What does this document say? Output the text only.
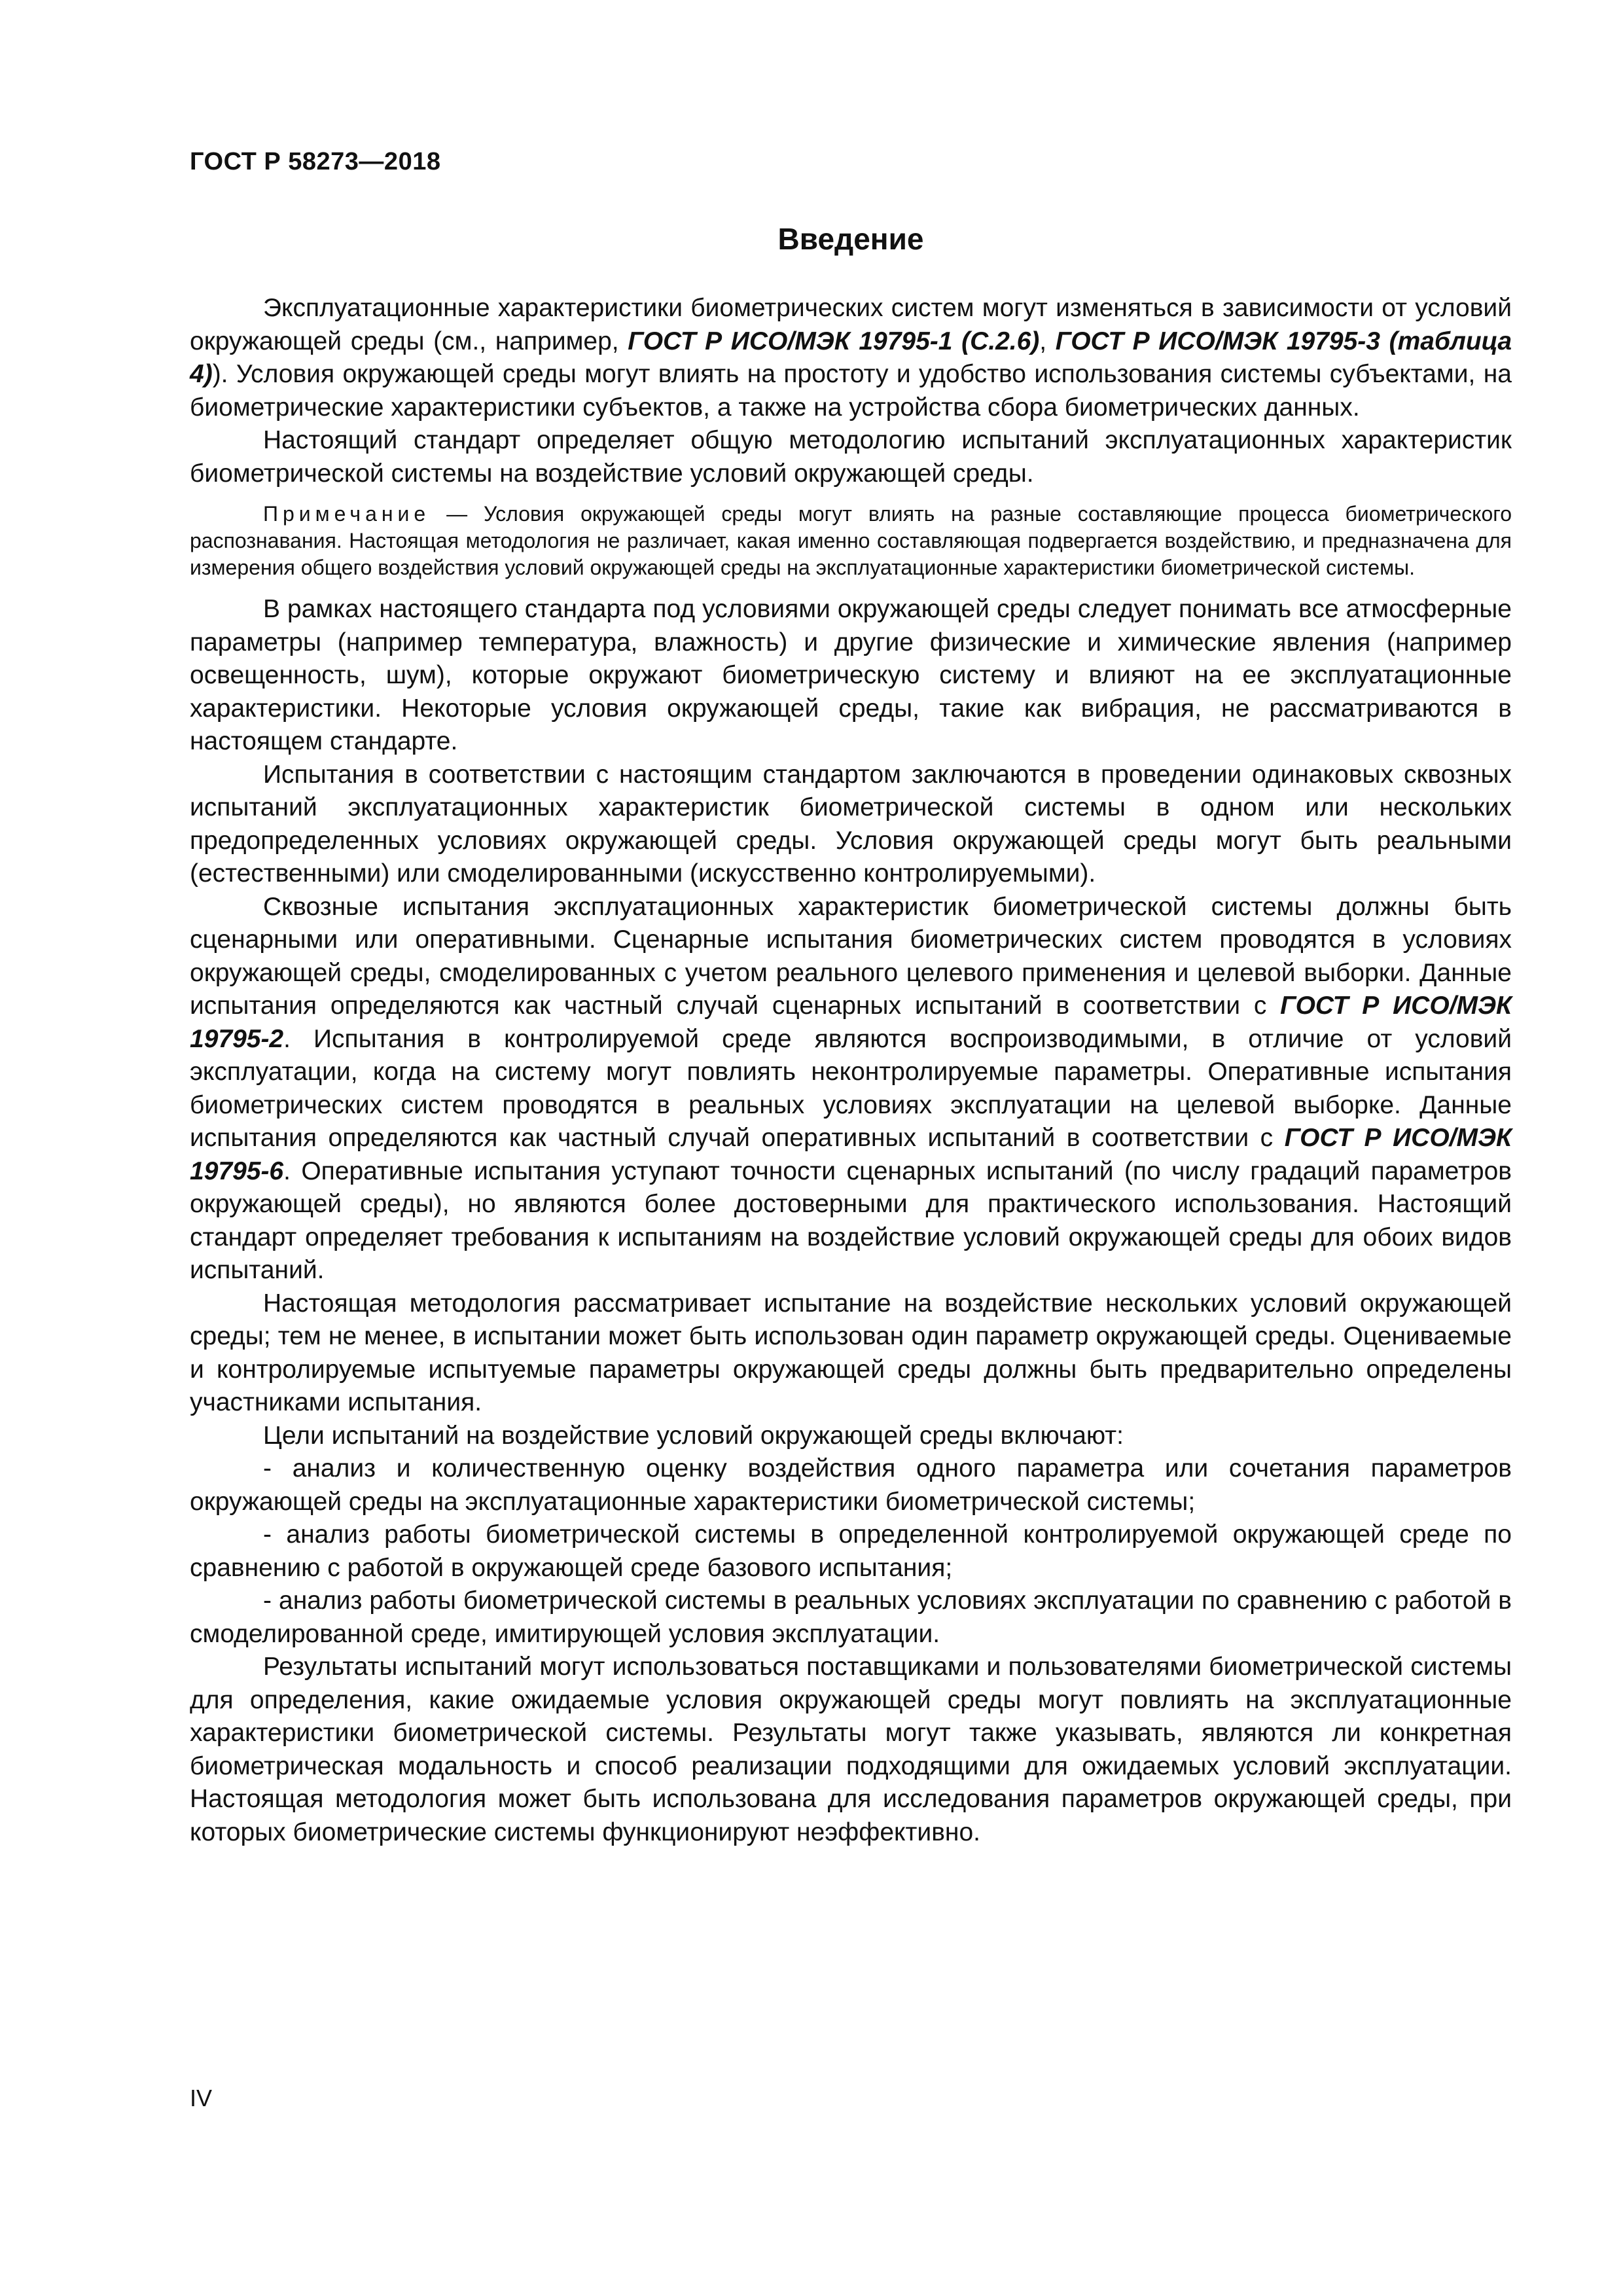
ГОСТ Р 58273—2018
Введение

Эксплуатационные характеристики биометрических систем могут изменяться в зависимости от условий окружающей среды (см., например, ГОСТ Р ИСО/МЭК 19795-1 (С.2.6), ГОСТ Р ИСО/МЭК 19795-3 (таблица 4)). Условия окружающей среды могут влиять на простоту и удобство использования системы субъектами, на биометрические характеристики субъектов, а также на устройства сбора биометрических данных.

Настоящий стандарт определяет общую методологию испытаний эксплуатационных характеристик биометрической системы на воздействие условий окружающей среды.

Примечание — Условия окружающей среды могут влиять на разные составляющие процесса биометрического распознавания. Настоящая методология не различает, какая именно составляющая подвергается воздействию, и предназначена для измерения общего воздействия условий окружающей среды на эксплуатационные характеристики биометрической системы.

В рамках настоящего стандарта под условиями окружающей среды следует понимать все атмосферные параметры (например температура, влажность) и другие физические и химические явления (например освещенность, шум), которые окружают биометрическую систему и влияют на ее эксплуатационные характеристики. Некоторые условия окружающей среды, такие как вибрация, не рассматриваются в настоящем стандарте.

Испытания в соответствии с настоящим стандартом заключаются в проведении одинаковых сквозных испытаний эксплуатационных характеристик биометрической системы в одном или нескольких предопределенных условиях окружающей среды. Условия окружающей среды могут быть реальными (естественными) или смоделированными (искусственно контролируемыми).

Сквозные испытания эксплуатационных характеристик биометрической системы должны быть сценарными или оперативными. Сценарные испытания биометрических систем проводятся в условиях окружающей среды, смоделированных с учетом реального целевого применения и целевой выборки. Данные испытания определяются как частный случай сценарных испытаний в соответствии с ГОСТ Р ИСО/МЭК 19795-2. Испытания в контролируемой среде являются воспроизводимыми, в отличие от условий эксплуатации, когда на систему могут повлиять неконтролируемые параметры. Оперативные испытания биометрических систем проводятся в реальных условиях эксплуатации на целевой выборке. Данные испытания определяются как частный случай оперативных испытаний в соответствии с ГОСТ Р ИСО/МЭК 19795-6. Оперативные испытания уступают точности сценарных испытаний (по числу градаций параметров окружающей среды), но являются более достоверными для практического использования. Настоящий стандарт определяет требования к испытаниям на воздействие условий окружающей среды для обоих видов испытаний.

Настоящая методология рассматривает испытание на воздействие нескольких условий окружающей среды; тем не менее, в испытании может быть использован один параметр окружающей среды. Оцениваемые и контролируемые испытуемые параметры окружающей среды должны быть предварительно определены участниками испытания.

Цели испытаний на воздействие условий окружающей среды включают:

- анализ и количественную оценку воздействия одного параметра или сочетания параметров окружающей среды на эксплуатационные характеристики биометрической системы;

- анализ работы биометрической системы в определенной контролируемой окружающей среде по сравнению с работой в окружающей среде базового испытания;

- анализ работы биометрической системы в реальных условиях эксплуатации по сравнению с работой в смоделированной среде, имитирующей условия эксплуатации.

Результаты испытаний могут использоваться поставщиками и пользователями биометрической системы для определения, какие ожидаемые условия окружающей среды могут повлиять на эксплуатационные характеристики биометрической системы. Результаты могут также указывать, являются ли конкретная биометрическая модальность и способ реализации подходящими для ожидаемых условий эксплуатации. Настоящая методология может быть использована для исследования параметров окружающей среды, при которых биометрические системы функционируют неэффективно.

IV
